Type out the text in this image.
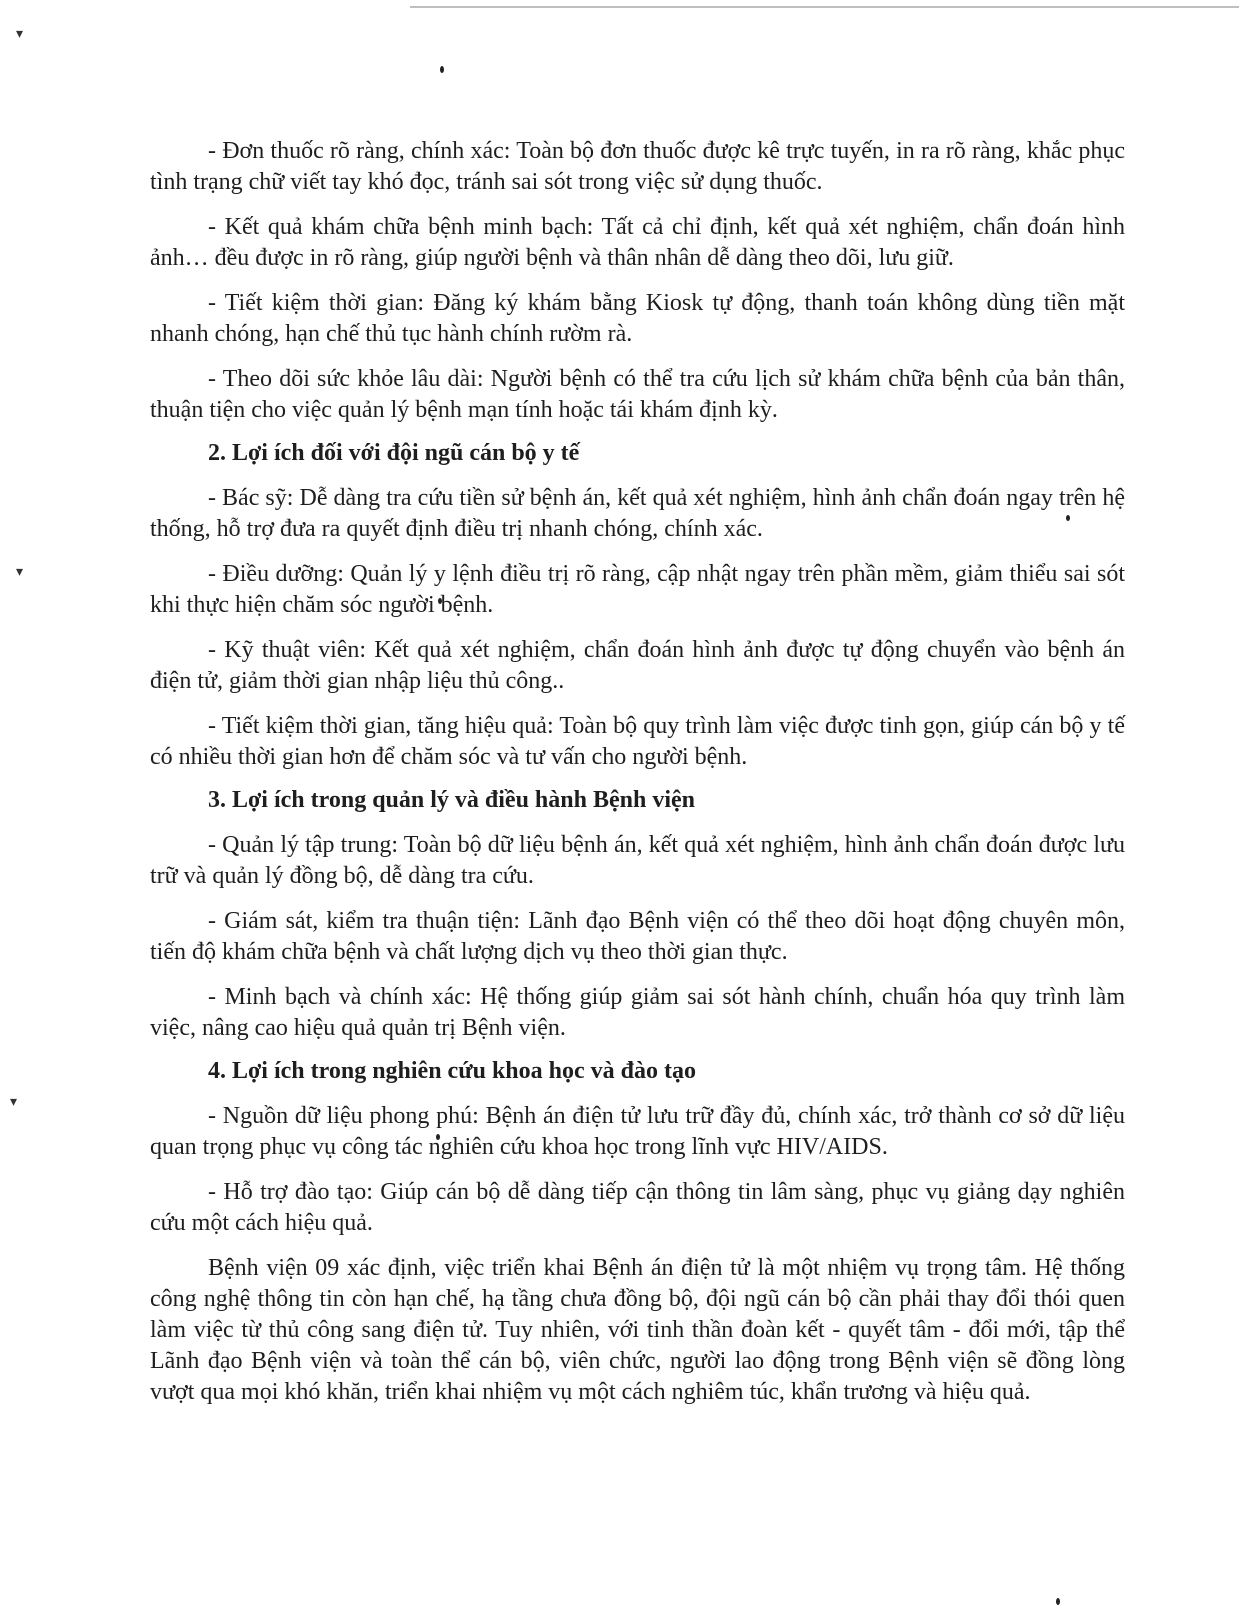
▾
▾
▾

- Đơn thuốc rõ ràng, chính xác: Toàn bộ đơn thuốc được kê trực tuyến, in ra rõ ràng, khắc phục tình trạng chữ viết tay khó đọc, tránh sai sót trong việc sử dụng thuốc.

- Kết quả khám chữa bệnh minh bạch: Tất cả chỉ định, kết quả xét nghiệm, chẩn đoán hình ảnh… đều được in rõ ràng, giúp người bệnh và thân nhân dễ dàng theo dõi, lưu giữ.

- Tiết kiệm thời gian: Đăng ký khám bằng Kiosk tự động, thanh toán không dùng tiền mặt nhanh chóng, hạn chế thủ tục hành chính rườm rà.

- Theo dõi sức khỏe lâu dài: Người bệnh có thể tra cứu lịch sử khám chữa bệnh của bản thân, thuận tiện cho việc quản lý bệnh mạn tính hoặc tái khám định kỳ.

2. Lợi ích đối với đội ngũ cán bộ y tế

- Bác sỹ: Dễ dàng tra cứu tiền sử bệnh án, kết quả xét nghiệm, hình ảnh chẩn đoán ngay trên hệ thống, hỗ trợ đưa ra quyết định điều trị nhanh chóng, chính xác.

- Điều dưỡng: Quản lý y lệnh điều trị rõ ràng, cập nhật ngay trên phần mềm, giảm thiểu sai sót khi thực hiện chăm sóc người bệnh.

- Kỹ thuật viên: Kết quả xét nghiệm, chẩn đoán hình ảnh được tự động chuyển vào bệnh án điện tử, giảm thời gian nhập liệu thủ công..

- Tiết kiệm thời gian, tăng hiệu quả: Toàn bộ quy trình làm việc được tinh gọn, giúp cán bộ y tế có nhiều thời gian hơn để chăm sóc và tư vấn cho người bệnh.

3. Lợi ích trong quản lý và điều hành Bệnh viện

- Quản lý tập trung: Toàn bộ dữ liệu bệnh án, kết quả xét nghiệm, hình ảnh chẩn đoán được lưu trữ và quản lý đồng bộ, dễ dàng tra cứu.

- Giám sát, kiểm tra thuận tiện: Lãnh đạo Bệnh viện có thể theo dõi hoạt động chuyên môn, tiến độ khám chữa bệnh và chất lượng dịch vụ theo thời gian thực.

- Minh bạch và chính xác: Hệ thống giúp giảm sai sót hành chính, chuẩn hóa quy trình làm việc, nâng cao hiệu quả quản trị Bệnh viện.

4. Lợi ích trong nghiên cứu khoa học và đào tạo

- Nguồn dữ liệu phong phú: Bệnh án điện tử lưu trữ đầy đủ, chính xác, trở thành cơ sở dữ liệu quan trọng phục vụ công tác nghiên cứu khoa học trong lĩnh vực HIV/AIDS.

- Hỗ trợ đào tạo: Giúp cán bộ dễ dàng tiếp cận thông tin lâm sàng, phục vụ giảng dạy nghiên cứu một cách hiệu quả.

Bệnh viện 09 xác định, việc triển khai Bệnh án điện tử là một nhiệm vụ trọng tâm. Hệ thống công nghệ thông tin còn hạn chế, hạ tầng chưa đồng bộ, đội ngũ cán bộ cần phải thay đổi thói quen làm việc từ thủ công sang điện tử. Tuy nhiên, với tinh thần đoàn kết - quyết tâm - đổi mới, tập thể Lãnh đạo Bệnh viện và toàn thể cán bộ, viên chức, người lao động trong Bệnh viện sẽ đồng lòng vượt qua mọi khó khăn, triển khai nhiệm vụ một cách nghiêm túc, khẩn trương và hiệu quả.
